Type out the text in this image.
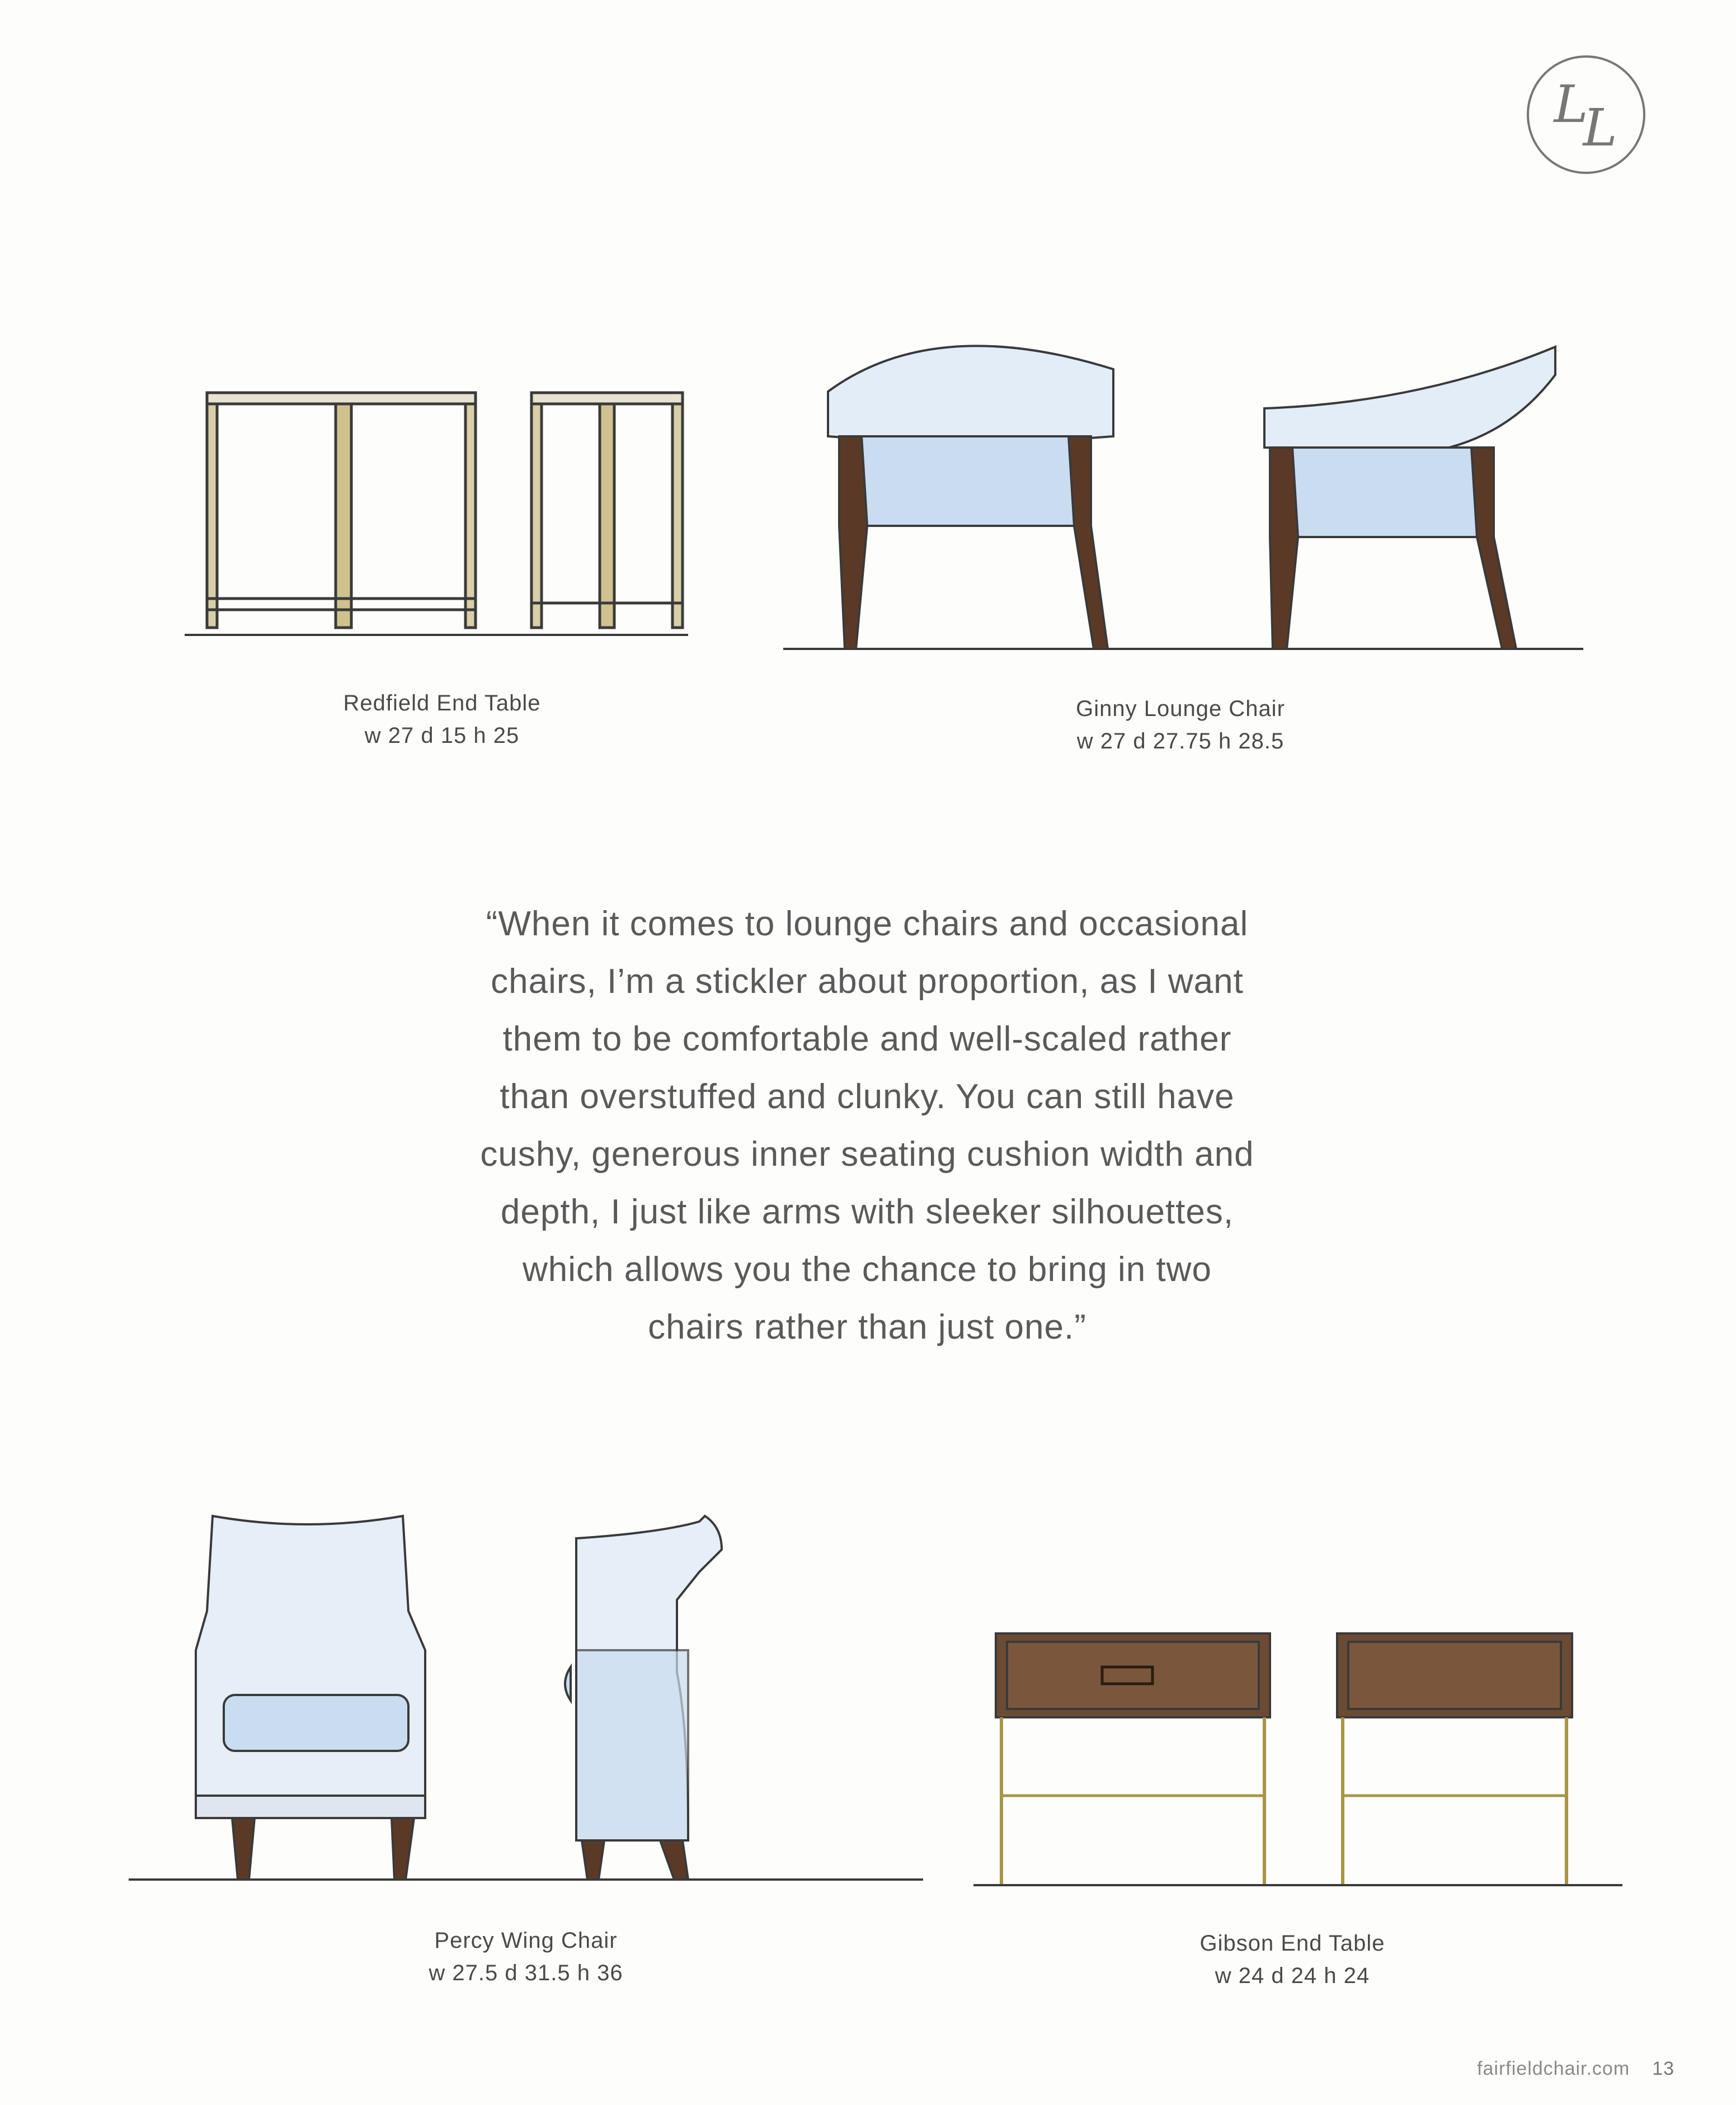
L
L
Redfield End Table
w 27 d 15 h 25
Ginny Lounge Chair
w 27 d 27.75 h 28.5
“When it comes to lounge chairs and occasional
chairs, I’m a stickler about proportion, as I want
them to be comfortable and well-scaled rather
than overstuffed and clunky. You can still have
cushy, generous inner seating cushion width and
depth, I just like arms with sleeker silhouettes,
which allows you the chance to bring in two
chairs rather than just one.”
Percy Wing Chair
w 27.5 d 31.5 h 36
Gibson End Table
w 24 d 24 h 24
fairfieldchair.com 13
